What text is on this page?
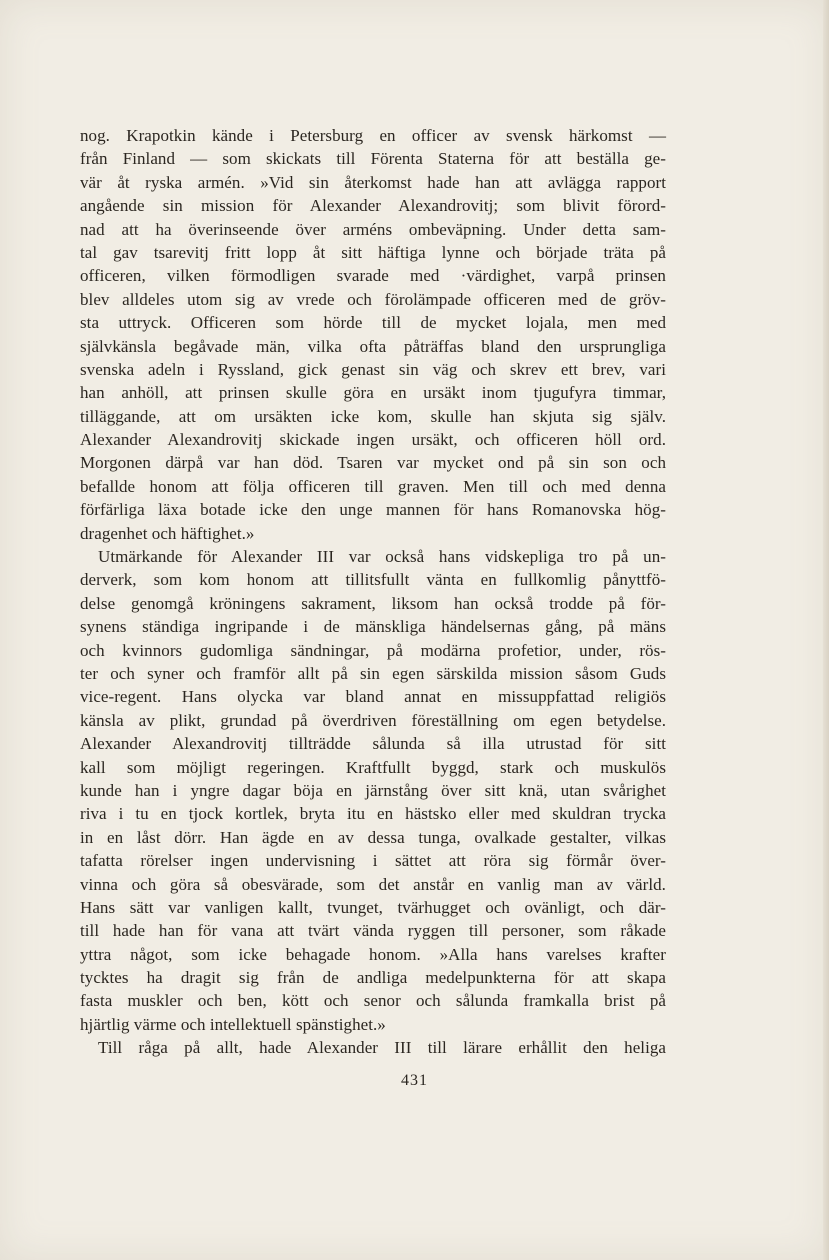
nog. Krapotkin kände i Petersburg en officer av svensk härkomst —
från Finland — som skickats till Förenta Staterna för att beställa ge-
vär åt ryska armén. »Vid sin återkomst hade han att avlägga rapport
angående sin mission för Alexander Alexandrovitj; som blivit förord-
nad att ha överinseende över arméns ombeväpning. Under detta sam-
tal gav tsarevitj fritt lopp åt sitt häftiga lynne och började träta på
officeren, vilken förmodligen svarade med ·värdighet, varpå prinsen
blev alldeles utom sig av vrede och förolämpade officeren med de gröv-
sta uttryck. Officeren som hörde till de mycket lojala, men med
självkänsla begåvade män, vilka ofta påträffas bland den ursprungliga
svenska adeln i Ryssland, gick genast sin väg och skrev ett brev, vari
han anhöll, att prinsen skulle göra en ursäkt inom tjugufyra timmar,
tilläggande, att om ursäkten icke kom, skulle han skjuta sig själv.
Alexander Alexandrovitj skickade ingen ursäkt, och officeren höll ord.
Morgonen därpå var han död. Tsaren var mycket ond på sin son och
befallde honom att följa officeren till graven. Men till och med denna
förfärliga läxa botade icke den unge mannen för hans Romanovska hög-
dragenhet och häftighet.»
Utmärkande för Alexander III var också hans vidskepliga tro på un-
derverk, som kom honom att tillitsfullt vänta en fullkomlig pånyttfö-
delse genomgå kröningens sakrament, liksom han också trodde på för-
synens ständiga ingripande i de mänskliga händelsernas gång, på mäns
och kvinnors gudomliga sändningar, på modärna profetior, under, rös-
ter och syner och framför allt på sin egen särskilda mission såsom Guds
vice-regent. Hans olycka var bland annat en missuppfattad religiös
känsla av plikt, grundad på överdriven föreställning om egen betydelse.
Alexander Alexandrovitj tillträdde sålunda så illa utrustad för sitt
kall som möjligt regeringen. Kraftfullt byggd, stark och muskulös
kunde han i yngre dagar böja en järnstång över sitt knä, utan svårighet
riva i tu en tjock kortlek, bryta itu en hästsko eller med skuldran trycka
in en låst dörr. Han ägde en av dessa tunga, ovalkade gestalter, vilkas
tafatta rörelser ingen undervisning i sättet att röra sig förmår över-
vinna och göra så obesvärade, som det anstår en vanlig man av värld.
Hans sätt var vanligen kallt, tvunget, tvärhugget och ovänligt, och där-
till hade han för vana att tvärt vända ryggen till personer, som råkade
yttra något, som icke behagade honom. »Alla hans varelses krafter
tycktes ha dragit sig från de andliga medelpunkterna för att skapa
fasta muskler och ben, kött och senor och sålunda framkalla brist på
hjärtlig värme och intellektuell spänstighet.»
Till råga på allt, hade Alexander III till lärare erhållit den heliga
431
